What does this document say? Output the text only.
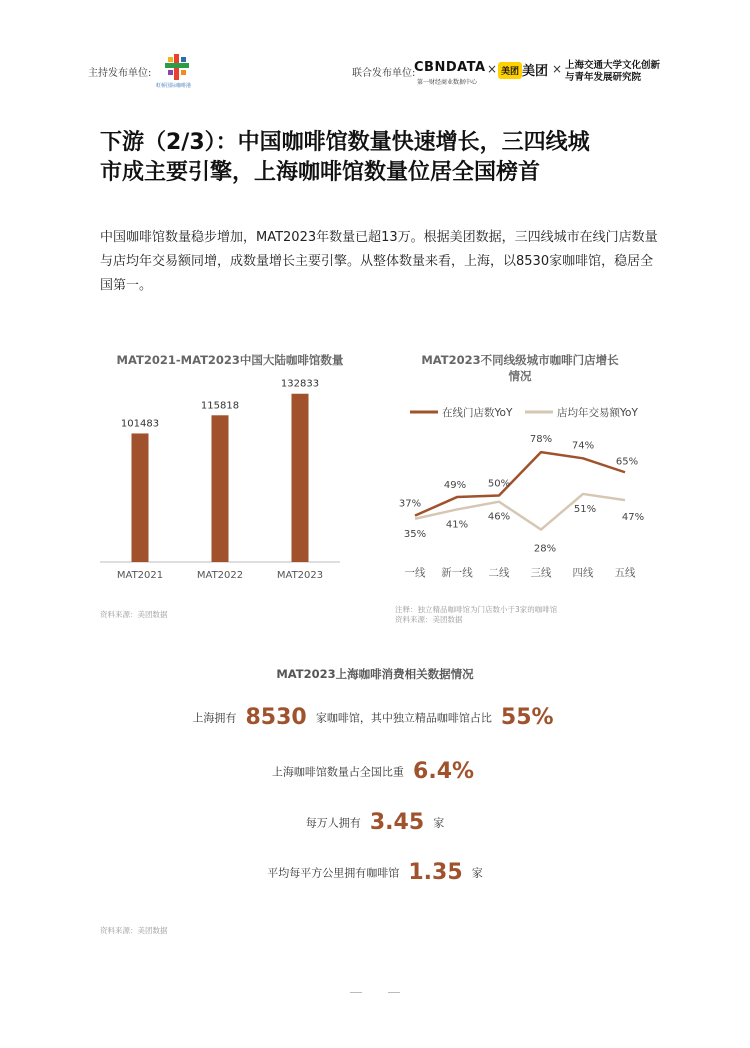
主持发布单位:
虹桥国际咖啡港
联合发布单位:
CBNDATA
第一财经商业数据中心
× 美团 美团 × 上海交通大学文化创新
与青年发展研究院
下游（2/3）：中国咖啡馆数量快速增长，三四线城
市成主要引擎，上海咖啡馆数量位居全国榜首
中国咖啡馆数量稳步增加，MAT2023年数量已超13万。根据美团数据，三四线城市在线门店数量与店均年交易额同增，成数量增长主要引擎。从整体数量来看，上海，以8530家咖啡馆，稳居全国第一。
MAT2021-MAT2023中国大陆咖啡馆数量
101483
MAT2021
115818
MAT2022
132833
MAT2023
资料来源：美团数据
MAT2023不同线级城市咖啡门店增长
情况
在线门店数YoY	店均年交易额YoY
37%
49% 50%
78%
74%
65%
35%
41%
46%
28%
51%
47%
一线 新一线 二线 三线 四线 五线
注释：独立精品咖啡馆为门店数小于3家的咖啡馆
资料来源：美团数据
MAT2023上海咖啡消费相关数据情况
上海拥有 8530 家咖啡馆，其中独立精品咖啡馆占比 55%
上海咖啡馆数量占全国比重 6.4%
每万人拥有 3.45 家
平均每平方公里拥有咖啡馆 1.35 家
资料来源：美团数据
